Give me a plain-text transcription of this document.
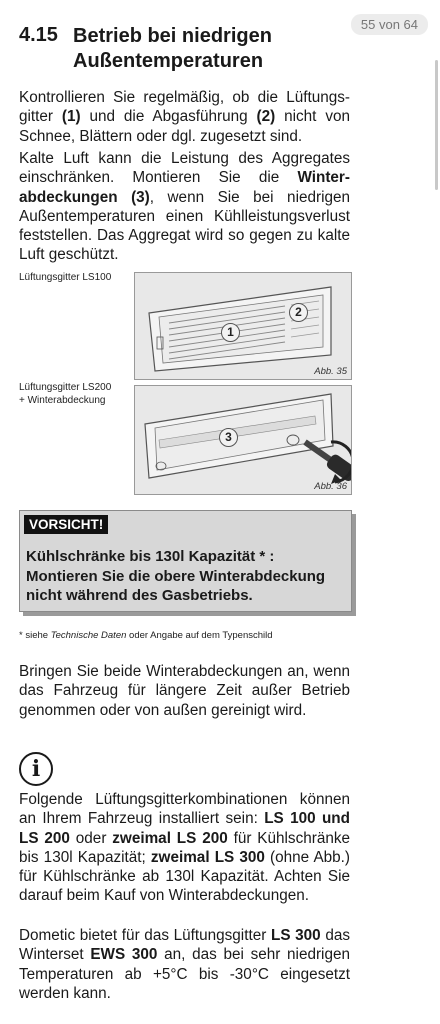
55 von 64
4.15 Betrieb bei niedrigen
Außentemperaturen
Kontrollieren Sie regelmäßig, ob die Lüftungsgitter (1) und die Abgasführung (2) nicht von Schnee, Blättern oder dgl. zugesetzt sind.
Kalte Luft kann die Leistung des Aggregates einschränken. Montieren Sie die Winterabdeckungen (3), wenn Sie bei niedrigen Außentemperaturen einen Kühlleistungsverlust feststellen. Das Aggregat wird so gegen zu kalte Luft geschützt.
Lüftungsgitter LS100
1
2
Abb. 35
Lüftungsgitter LS200
+ Winterabdeckung
3
Abb. 36
VORSICHT!
Kühlschränke bis 130l Kapazität * :
Montieren Sie die obere Winterabdeckung
nicht während des Gasbetriebs.
* siehe Technische Daten oder Angabe auf dem Typenschild
Bringen Sie beide Winterabdeckungen an, wenn das Fahrzeug für längere Zeit außer Betrieb genommen oder von außen gereinigt wird.
i
Folgende Lüftungsgitterkombinationen können an Ihrem Fahrzeug installiert sein: LS 100 und LS 200 oder zweimal LS 200 für Kühlschränke bis 130l Kapazität; zweimal LS 300 (ohne Abb.) für Kühlschränke ab 130l Kapazität. Achten Sie darauf beim Kauf von Winterabdeckungen.
Dometic bietet für das Lüftungsgitter LS 300 das Winterset EWS 300 an, das bei sehr niedrigen Temperaturen ab +5°C bis -30°C eingesetzt werden kann.
